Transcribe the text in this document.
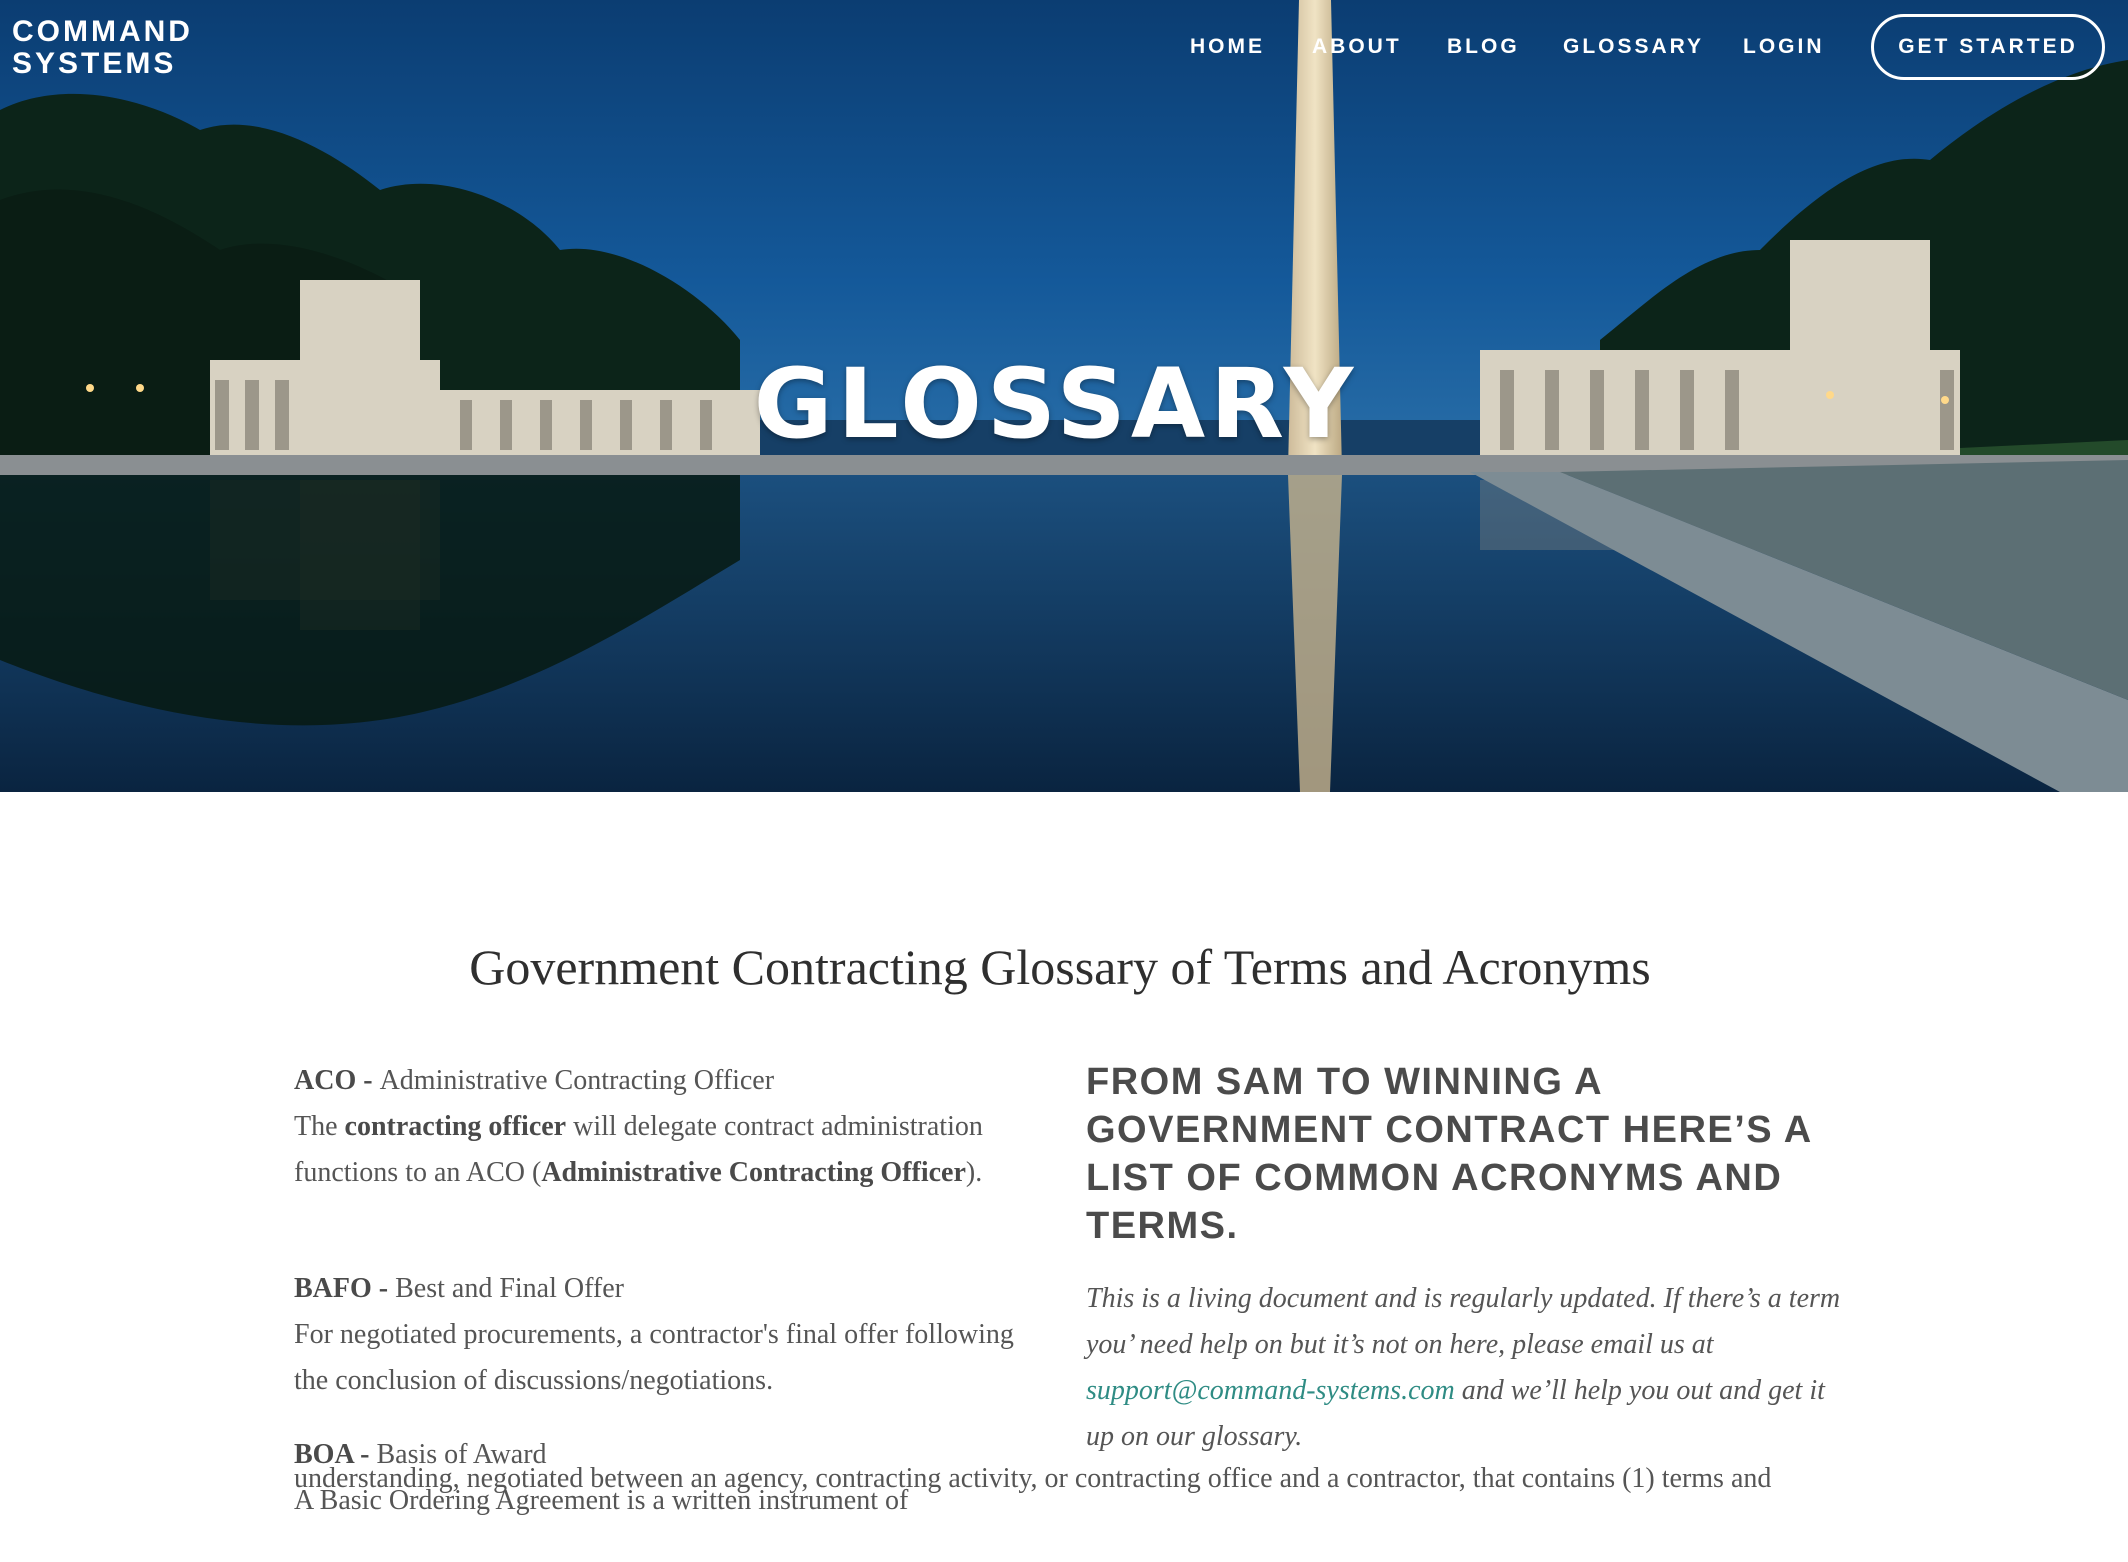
COMMAND
SYSTEMS
HOME ABOUT BLOG GLOSSARY LOGIN	GET STARTED
GLOSSARY
Government Contracting Glossary of Terms and Acronyms

ACO - Administrative Contracting Officer

The contracting officer will delegate contract administration functions to an ACO (Administrative Contracting Officer).

BAFO - Best and Final Offer

For negotiated procurements, a contractor's final offer following the conclusion of discussions/negotiations.

BOA - Basis of Award

A Basic Ordering Agreement is a written instrument of

understanding, negotiated between an agency, contracting activity, or contracting office and a contractor, that contains (1) terms and
FROM SAM TO WINNING A GOVERNMENT CONTRACT HERE’S A LIST OF COMMON ACRONYMS AND TERMS.
This is a living document and is regularly updated. If there’s a term you’ need help on but it’s not on here, please email us at support@command-systems.com and we’ll help you out and get it up on our glossary.
